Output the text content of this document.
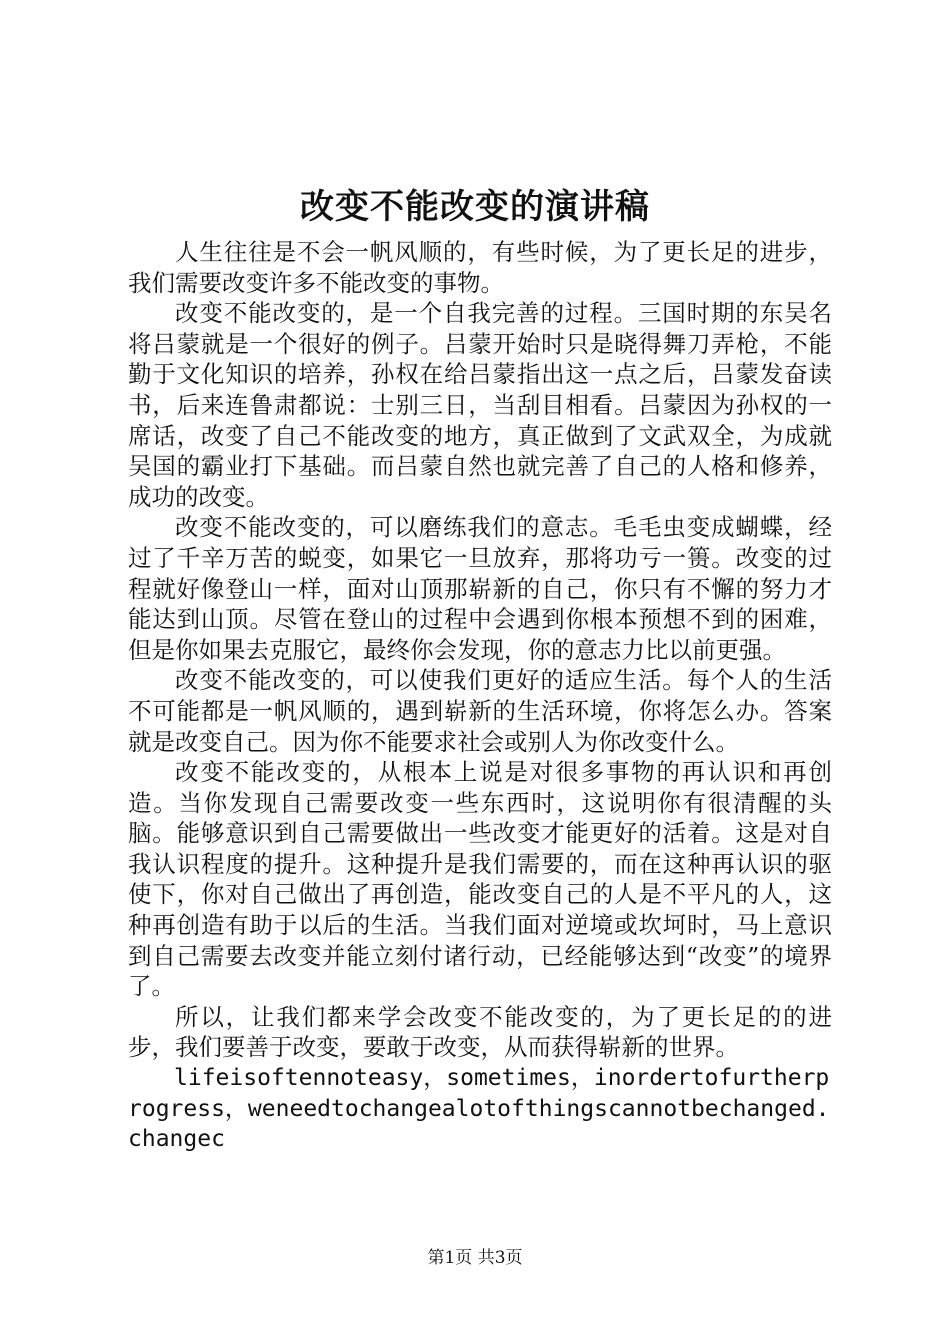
改变不能改变的演讲稿

人生往往是不会一帆风顺的，有些时候，为了更长足的进步，我们需要改变许多不能改变的事物。

改变不能改变的，是一个自我完善的过程。三国时期的东吴名将吕蒙就是一个很好的例子。吕蒙开始时只是晓得舞刀弄枪，不能勤于文化知识的培养，孙权在给吕蒙指出这一点之后，吕蒙发奋读书，后来连鲁肃都说：士别三日，当刮目相看。吕蒙因为孙权的一席话，改变了自己不能改变的地方，真正做到了文武双全，为成就吴国的霸业打下基础。而吕蒙自然也就完善了自己的人格和修养，成功的改变。

改变不能改变的，可以磨练我们的意志。毛毛虫变成蝴蝶，经过了千辛万苦的蜕变，如果它一旦放弃，那将功亏一篑。改变的过程就好像登山一样，面对山顶那崭新的自己，你只有不懈的努力才能达到山顶。尽管在登山的过程中会遇到你根本预想不到的困难，但是你如果去克服它，最终你会发现，你的意志力比以前更强。

改变不能改变的，可以使我们更好的适应生活。每个人的生活不可能都是一帆风顺的，遇到崭新的生活环境，你将怎么办。答案就是改变自己。因为你不能要求社会或别人为你改变什么。

改变不能改变的，从根本上说是对很多事物的再认识和再创造。当你发现自己需要改变一些东西时，这说明你有很清醒的头脑。能够意识到自己需要做出一些改变才能更好的活着。这是对自我认识程度的提升。这种提升是我们需要的，而在这种再认识的驱使下，你对自己做出了再创造，能改变自己的人是不平凡的人，这种再创造有助于以后的生活。当我们面对逆境或坎坷时，马上意识到自己需要去改变并能立刻付诸行动，已经能够达到“改变”的境界了。

所以，让我们都来学会改变不能改变的，为了更长足的的进步，我们要善于改变，要敢于改变，从而获得崭新的世界。

lifeisoftennoteasy，sometimes，inordertofurtherprogress，weneedtochangealotofthingscannotbechanged.changec

第1页 共3页
